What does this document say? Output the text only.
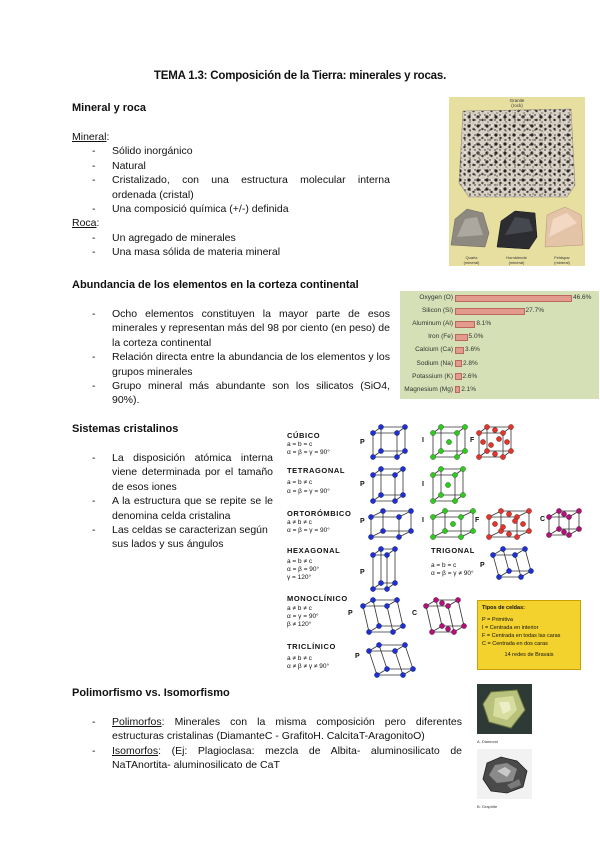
TEMA 1.3: Composición de la Tierra: minerales y rocas.
Mineral y roca
Mineral:
- Sólido inorgánico
- Natural
- Cristalizado, con una estructura molecular interna ordenada (cristal)
- Una composició química (+/-) definida
Roca:
- Un agregado de minerales
- Una masa sólida de materia mineral
Granite
(rock)
Quartz
(mineral)
Hornblende
(mineral)
Feldspar
(mineral)
Abundancia de los elementos en la corteza continental
- Ocho elementos constituyen la mayor parte de esos minerales y representan más del 98 por ciento (en peso) de la corteza continental
- Relación directa entre la abundancia de los elementos y los grupos minerales
- Grupo mineral más abundante son los silicatos (SiO4, 90%).
Oxygen (O)	46.6%
Silicon (Si)	27.7%
Aluminum (Al)	8.1%
Iron (Fe) 5.0%
Calcium (Ca) 3.6%
Sodium (Na) 2.8%
Potassium (K) 2.6%
Magnesium (Mg) 2.1%
Sistemas cristalinos
- La disposición atómica interna viene determinada por el tamaño de esos iones
- A la estructura que se repite se le denomina celda cristalina
- Las celdas se caracterizan según sus lados y sus ángulos
CÚBICO
a = b = c
α = β = γ = 90°
TETRAGONAL
a = b ≠ c
α = β = γ = 90°
ORTORÓMBICO
a ≠ b ≠ c
α = β = γ = 90°
HEXAGONAL
a = b ≠ c
α = β = 90°
γ = 120°
TRIGONAL
a = b = c
α = β = γ ≠ 90°
MONOCLÍNICO
a ≠ b ≠ c
α = γ = 90°
β ≠ 120°
TRICLÍNICO
a ≠ b ≠ c
α ≠ β ≠ γ ≠ 90°
P	I	F
P	I
P	I	F	C
P
P
P	C
P
Tipos de celdas:
P = Primitiva
I = Centrada en interior
F = Centrada en todas las caras
C = Centrada en dos caras
14 redes de Bravais
Polimorfismo vs. Isomorfismo
- Polimorfos: Minerales con la misma composición pero diferentes estructuras cristalinas (DiamanteC - GrafitoH. CalcitaT-AragonitoO)
- Isomorfos: (Ej: Plagioclasa: mezcla de Albita- aluminosilicato de NaTAnortita- aluminosilicato de CaT
A. Diamond
B. Graphite
